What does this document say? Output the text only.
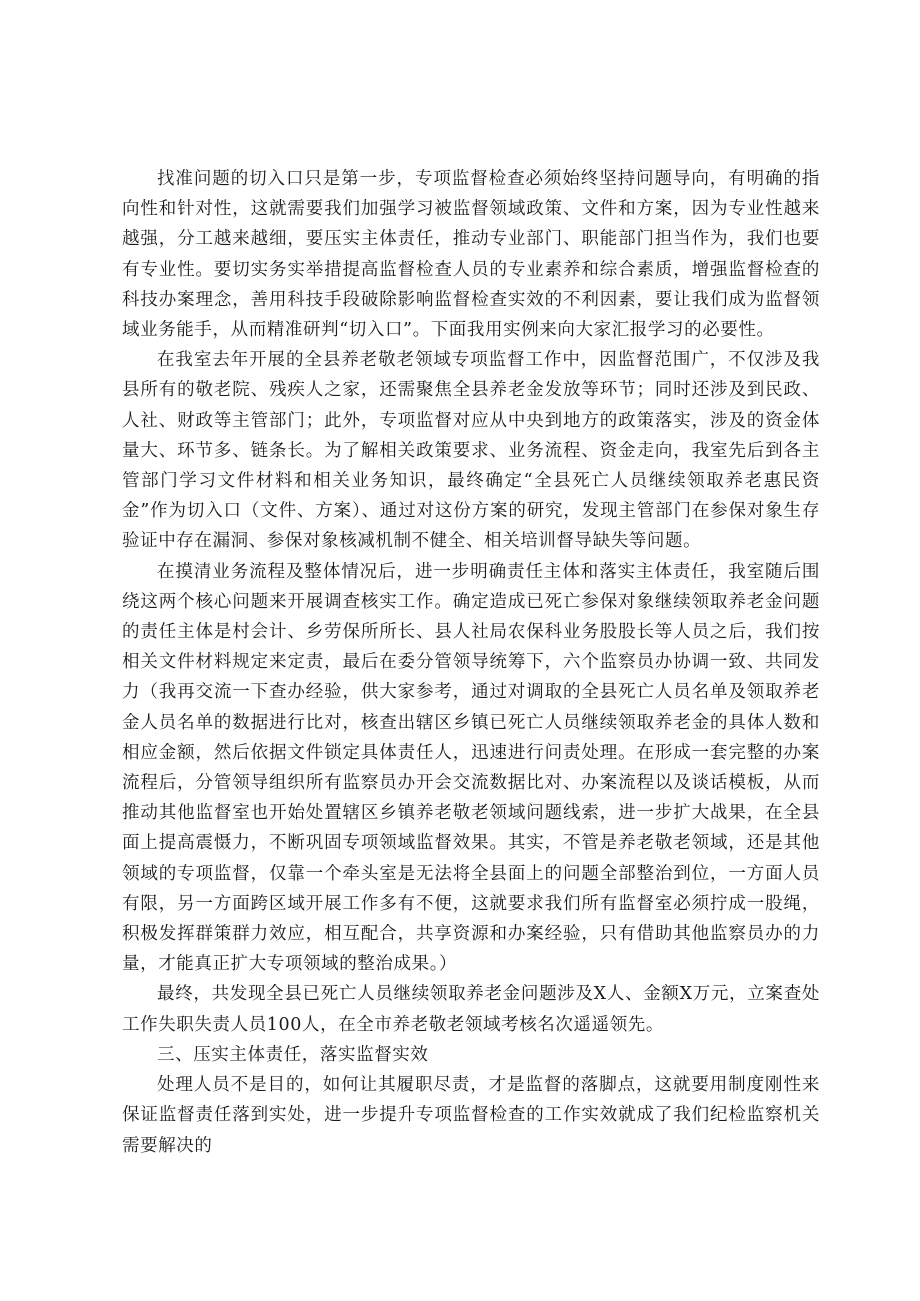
找准问题的切入口只是第一步，专项监督检查必须始终坚持问题导向，有明确的指向性和针对性，这就需要我们加强学习被监督领域政策、文件和方案，因为专业性越来越强，分工越来越细，要压实主体责任，推动专业部门、职能部门担当作为，我们也要有专业性。要切实务实举措提高监督检查人员的专业素养和综合素质，增强监督检查的科技办案理念，善用科技手段破除影响监督检查实效的不利因素，要让我们成为监督领域业务能手，从而精准研判“切入口”。下面我用实例来向大家汇报学习的必要性。

在我室去年开展的全县养老敬老领域专项监督工作中，因监督范围广，不仅涉及我县所有的敬老院、残疾人之家，还需聚焦全县养老金发放等环节；同时还涉及到民政、人社、财政等主管部门；此外，专项监督对应从中央到地方的政策落实，涉及的资金体量大、环节多、链条长。为了解相关政策要求、业务流程、资金走向，我室先后到各主管部门学习文件材料和相关业务知识，最终确定“全县死亡人员继续领取养老惠民资金”作为切入口（文件、方案）、通过对这份方案的研究，发现主管部门在参保对象生存验证中存在漏洞、参保对象核减机制不健全、相关培训督导缺失等问题。

在摸清业务流程及整体情况后，进一步明确责任主体和落实主体责任，我室随后围绕这两个核心问题来开展调查核实工作。确定造成已死亡参保对象继续领取养老金问题的责任主体是村会计、乡劳保所所长、县人社局农保科业务股股长等人员之后，我们按相关文件材料规定来定责，最后在委分管领导统筹下，六个监察员办协调一致、共同发力（我再交流一下查办经验，供大家参考，通过对调取的全县死亡人员名单及领取养老金人员名单的数据进行比对，核查出辖区乡镇已死亡人员继续领取养老金的具体人数和相应金额，然后依据文件锁定具体责任人，迅速进行问责处理。在形成一套完整的办案流程后，分管领导组织所有监察员办开会交流数据比对、办案流程以及谈话模板，从而推动其他监督室也开始处置辖区乡镇养老敬老领域问题线索，进一步扩大战果，在全县面上提高震慑力，不断巩固专项领域监督效果。其实，不管是养老敬老领域，还是其他领域的专项监督，仅靠一个牵头室是无法将全县面上的问题全部整治到位，一方面人员有限，另一方面跨区域开展工作多有不便，这就要求我们所有监督室必须拧成一股绳，积极发挥群策群力效应，相互配合，共享资源和办案经验，只有借助其他监察员办的力量，才能真正扩大专项领域的整治成果。）

最终，共发现全县已死亡人员继续领取养老金问题涉及X人、金额X万元，立案查处工作失职失责人员100人，在全市养老敬老领域考核名次遥遥领先。

三、压实主体责任，落实监督实效

处理人员不是目的，如何让其履职尽责，才是监督的落脚点，这就要用制度刚性来保证监督责任落到实处，进一步提升专项监督检查的工作实效就成了我们纪检监察机关需要解决的
